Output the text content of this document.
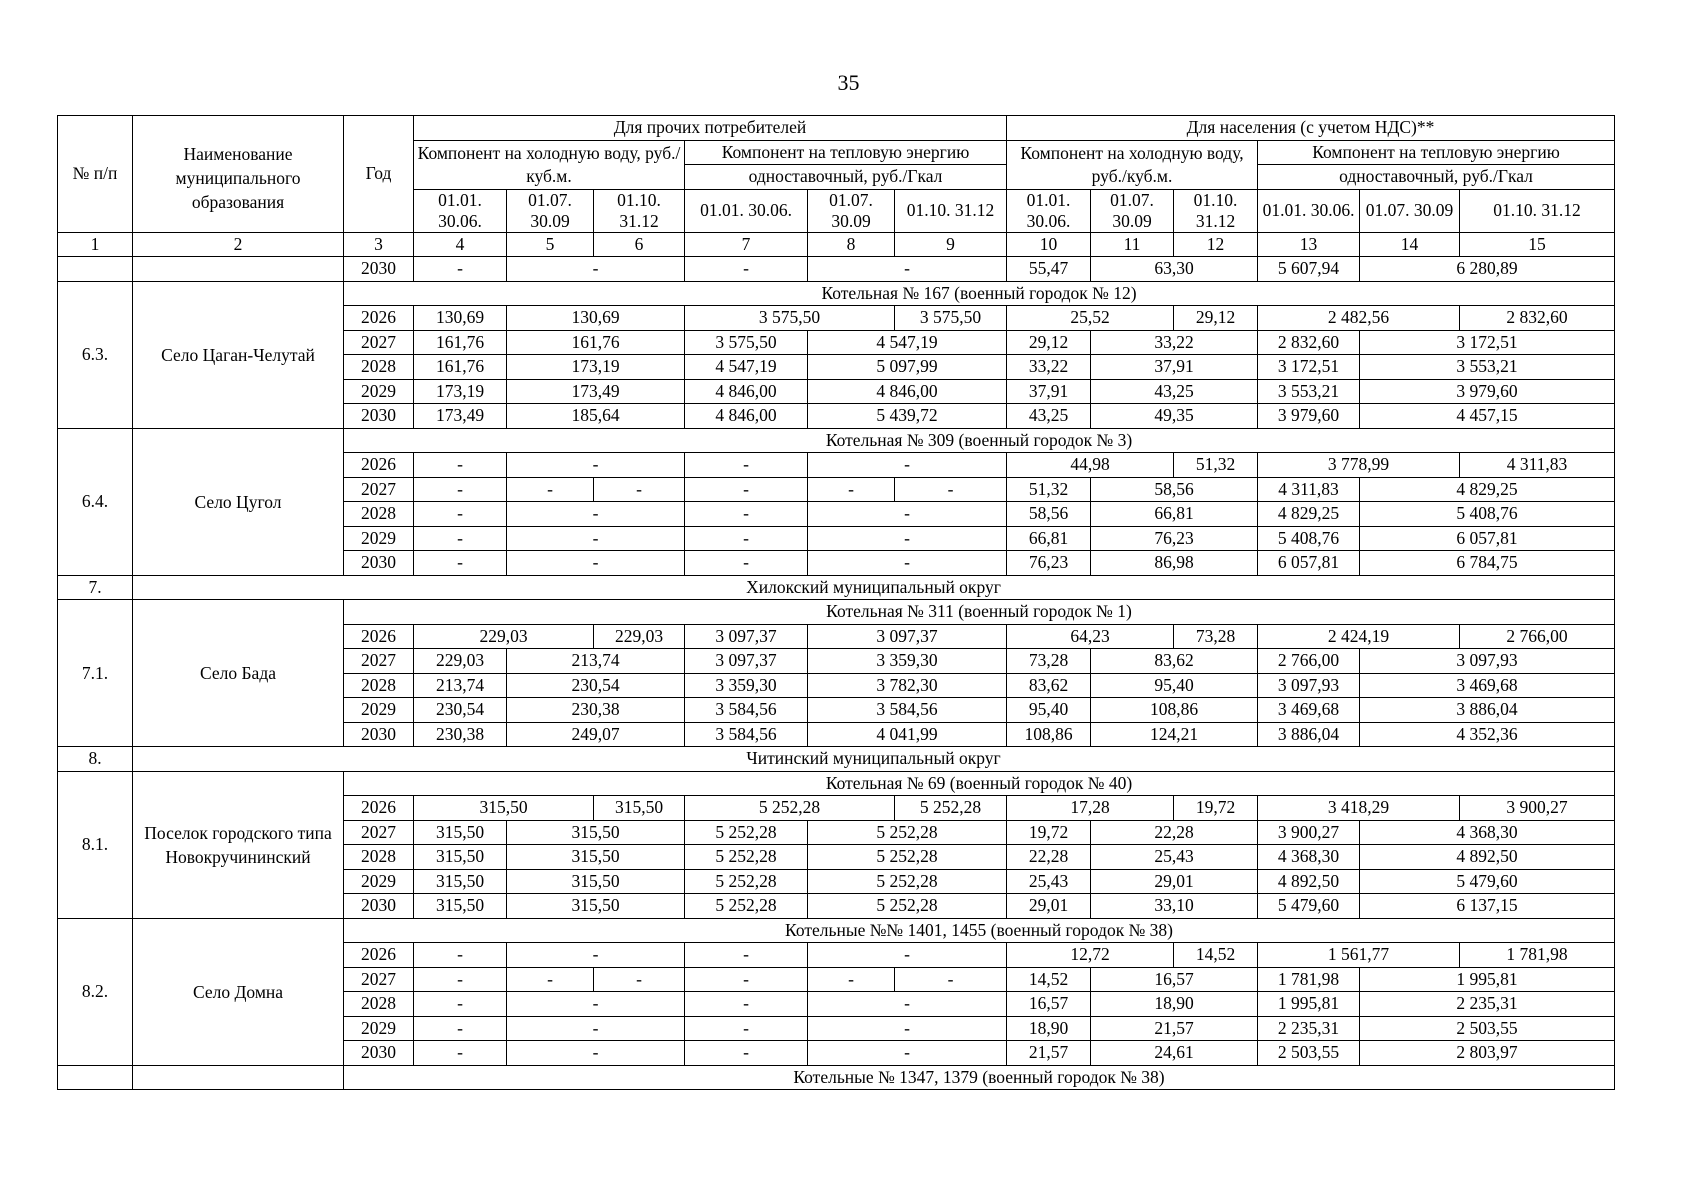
35
№ п/п	Наименование муниципального образования	Год	Для прочих потребителей						Для населения (с учетом НДС)**					
			Компонент на холодную воду, руб./куб.м.			Компонент на тепловую энергию			Компонент на холодную воду, руб./куб.м.			Компонент на тепловую энергию		
						одноставочный, руб./Гкал						одноставочный, руб./Гкал		
			01.01. 30.06.	01.07. 30.09	01.10. 31.12	01.01. 30.06.	01.07. 30.09	01.10. 31.12	01.01. 30.06.	01.07. 30.09	01.10. 31.12	01.01. 30.06.	01.07. 30.09	01.10. 31.12
1	2	3	4	5	6	7	8	9	10	11	12	13	14	15
		2030	-	-		-	-		55,47	63,30		5 607,94	6 280,89	
6.3.	Село Цаган-Челутай	Котельная № 167 (военный городок № 12)												
		2026	130,69	130,69		3 575,50		3 575,50	25,52		29,12	2 482,56		2 832,60
		2027	161,76	161,76		3 575,50	4 547,19		29,12	33,22		2 832,60	3 172,51	
		2028	161,76	173,19		4 547,19	5 097,99		33,22	37,91		3 172,51	3 553,21	
		2029	173,19	173,49		4 846,00	4 846,00		37,91	43,25		3 553,21	3 979,60	
		2030	173,49	185,64		4 846,00	5 439,72		43,25	49,35		3 979,60	4 457,15	
6.4.	Село Цугол	Котельная № 309 (военный городок № 3)												
		2026	-	-		-	-		44,98		51,32	3 778,99		4 311,83
		2027	-	-	-	-	-	-	51,32	58,56		4 311,83	4 829,25	
		2028	-	-		-	-		58,56	66,81		4 829,25	5 408,76	
		2029	-	-		-	-		66,81	76,23		5 408,76	6 057,81	
		2030	-	-		-	-		76,23	86,98		6 057,81	6 784,75	
7.	Хилокский муниципальный округ													
7.1.	Село Бада	Котельная № 311 (военный городок № 1)												
		2026	229,03		229,03	3 097,37	3 097,37		64,23		73,28	2 424,19		2 766,00
		2027	229,03	213,74		3 097,37	3 359,30		73,28	83,62		2 766,00	3 097,93	
		2028	213,74	230,54		3 359,30	3 782,30		83,62	95,40		3 097,93	3 469,68	
		2029	230,54	230,38		3 584,56	3 584,56		95,40	108,86		3 469,68	3 886,04	
		2030	230,38	249,07		3 584,56	4 041,99		108,86	124,21		3 886,04	4 352,36	
8.	Читинский муниципальный округ													
8.1.	Поселок городского типа Новокручининский	Котельная № 69 (военный городок № 40)												
		2026	315,50		315,50	5 252,28		5 252,28	17,28		19,72	3 418,29		3 900,27
		2027	315,50	315,50		5 252,28	5 252,28		19,72	22,28		3 900,27	4 368,30	
		2028	315,50	315,50		5 252,28	5 252,28		22,28	25,43		4 368,30	4 892,50	
		2029	315,50	315,50		5 252,28	5 252,28		25,43	29,01		4 892,50	5 479,60	
		2030	315,50	315,50		5 252,28	5 252,28		29,01	33,10		5 479,60	6 137,15	
8.2.	Село Домна	Котельные №№ 1401, 1455 (военный городок № 38)												
		2026	-	-		-	-		12,72		14,52	1 561,77		1 781,98
		2027	-	-	-	-	-	-	14,52	16,57		1 781,98	1 995,81	
		2028	-	-		-	-		16,57	18,90		1 995,81	2 235,31	
		2029	-	-		-	-		18,90	21,57		2 235,31	2 503,55	
		2030	-	-		-	-		21,57	24,61		2 503,55	2 803,97	
		Котельные № 1347, 1379 (военный городок № 38)												
